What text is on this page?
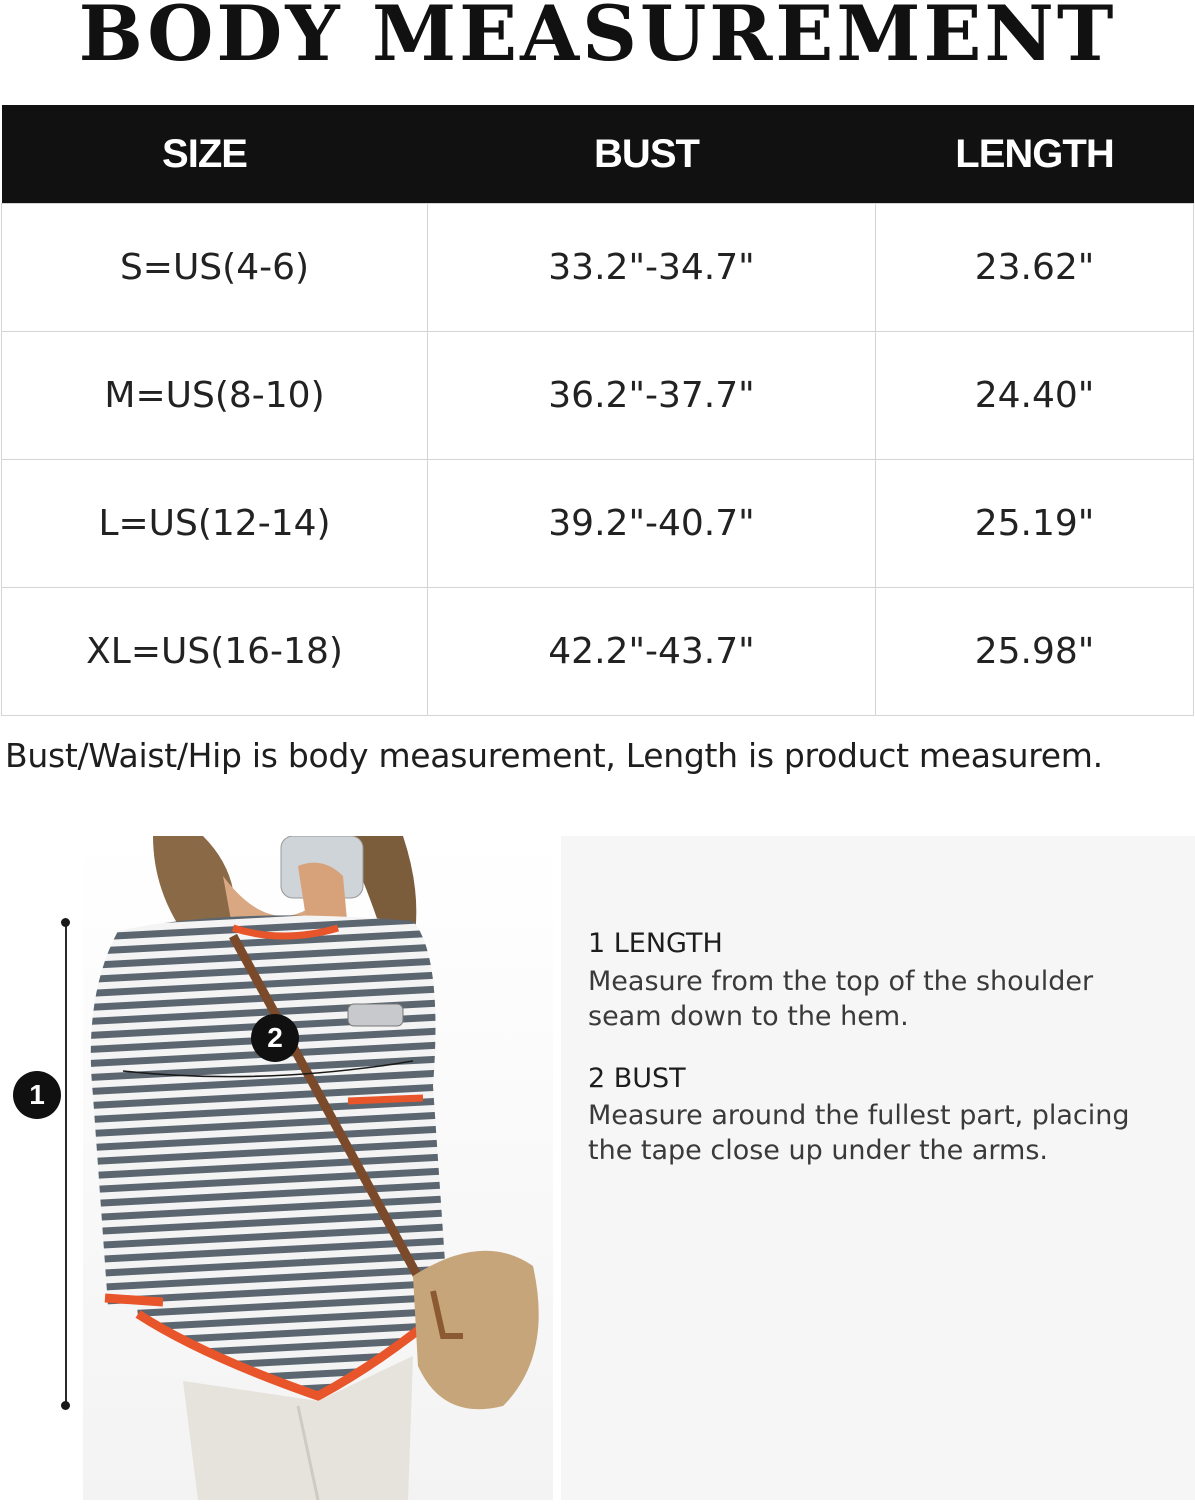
BODY MEASUREMENT
SIZE	BUST	LENGTH
S=US(4-6)	33.2"-34.7"	23.62"
M=US(8-10)	36.2"-37.7"	24.40"
L=US(12-14)	39.2"-40.7"	25.19"
XL=US(16-18)	42.2"-43.7"	25.98"
Bust/Waist/Hip is body measurement, Length is product measurem.
1
2
1 LENGTH
Measure from the top of the shoulder seam down to the hem.
2 BUST
Measure around the fullest part, placing the tape close up under the arms.
